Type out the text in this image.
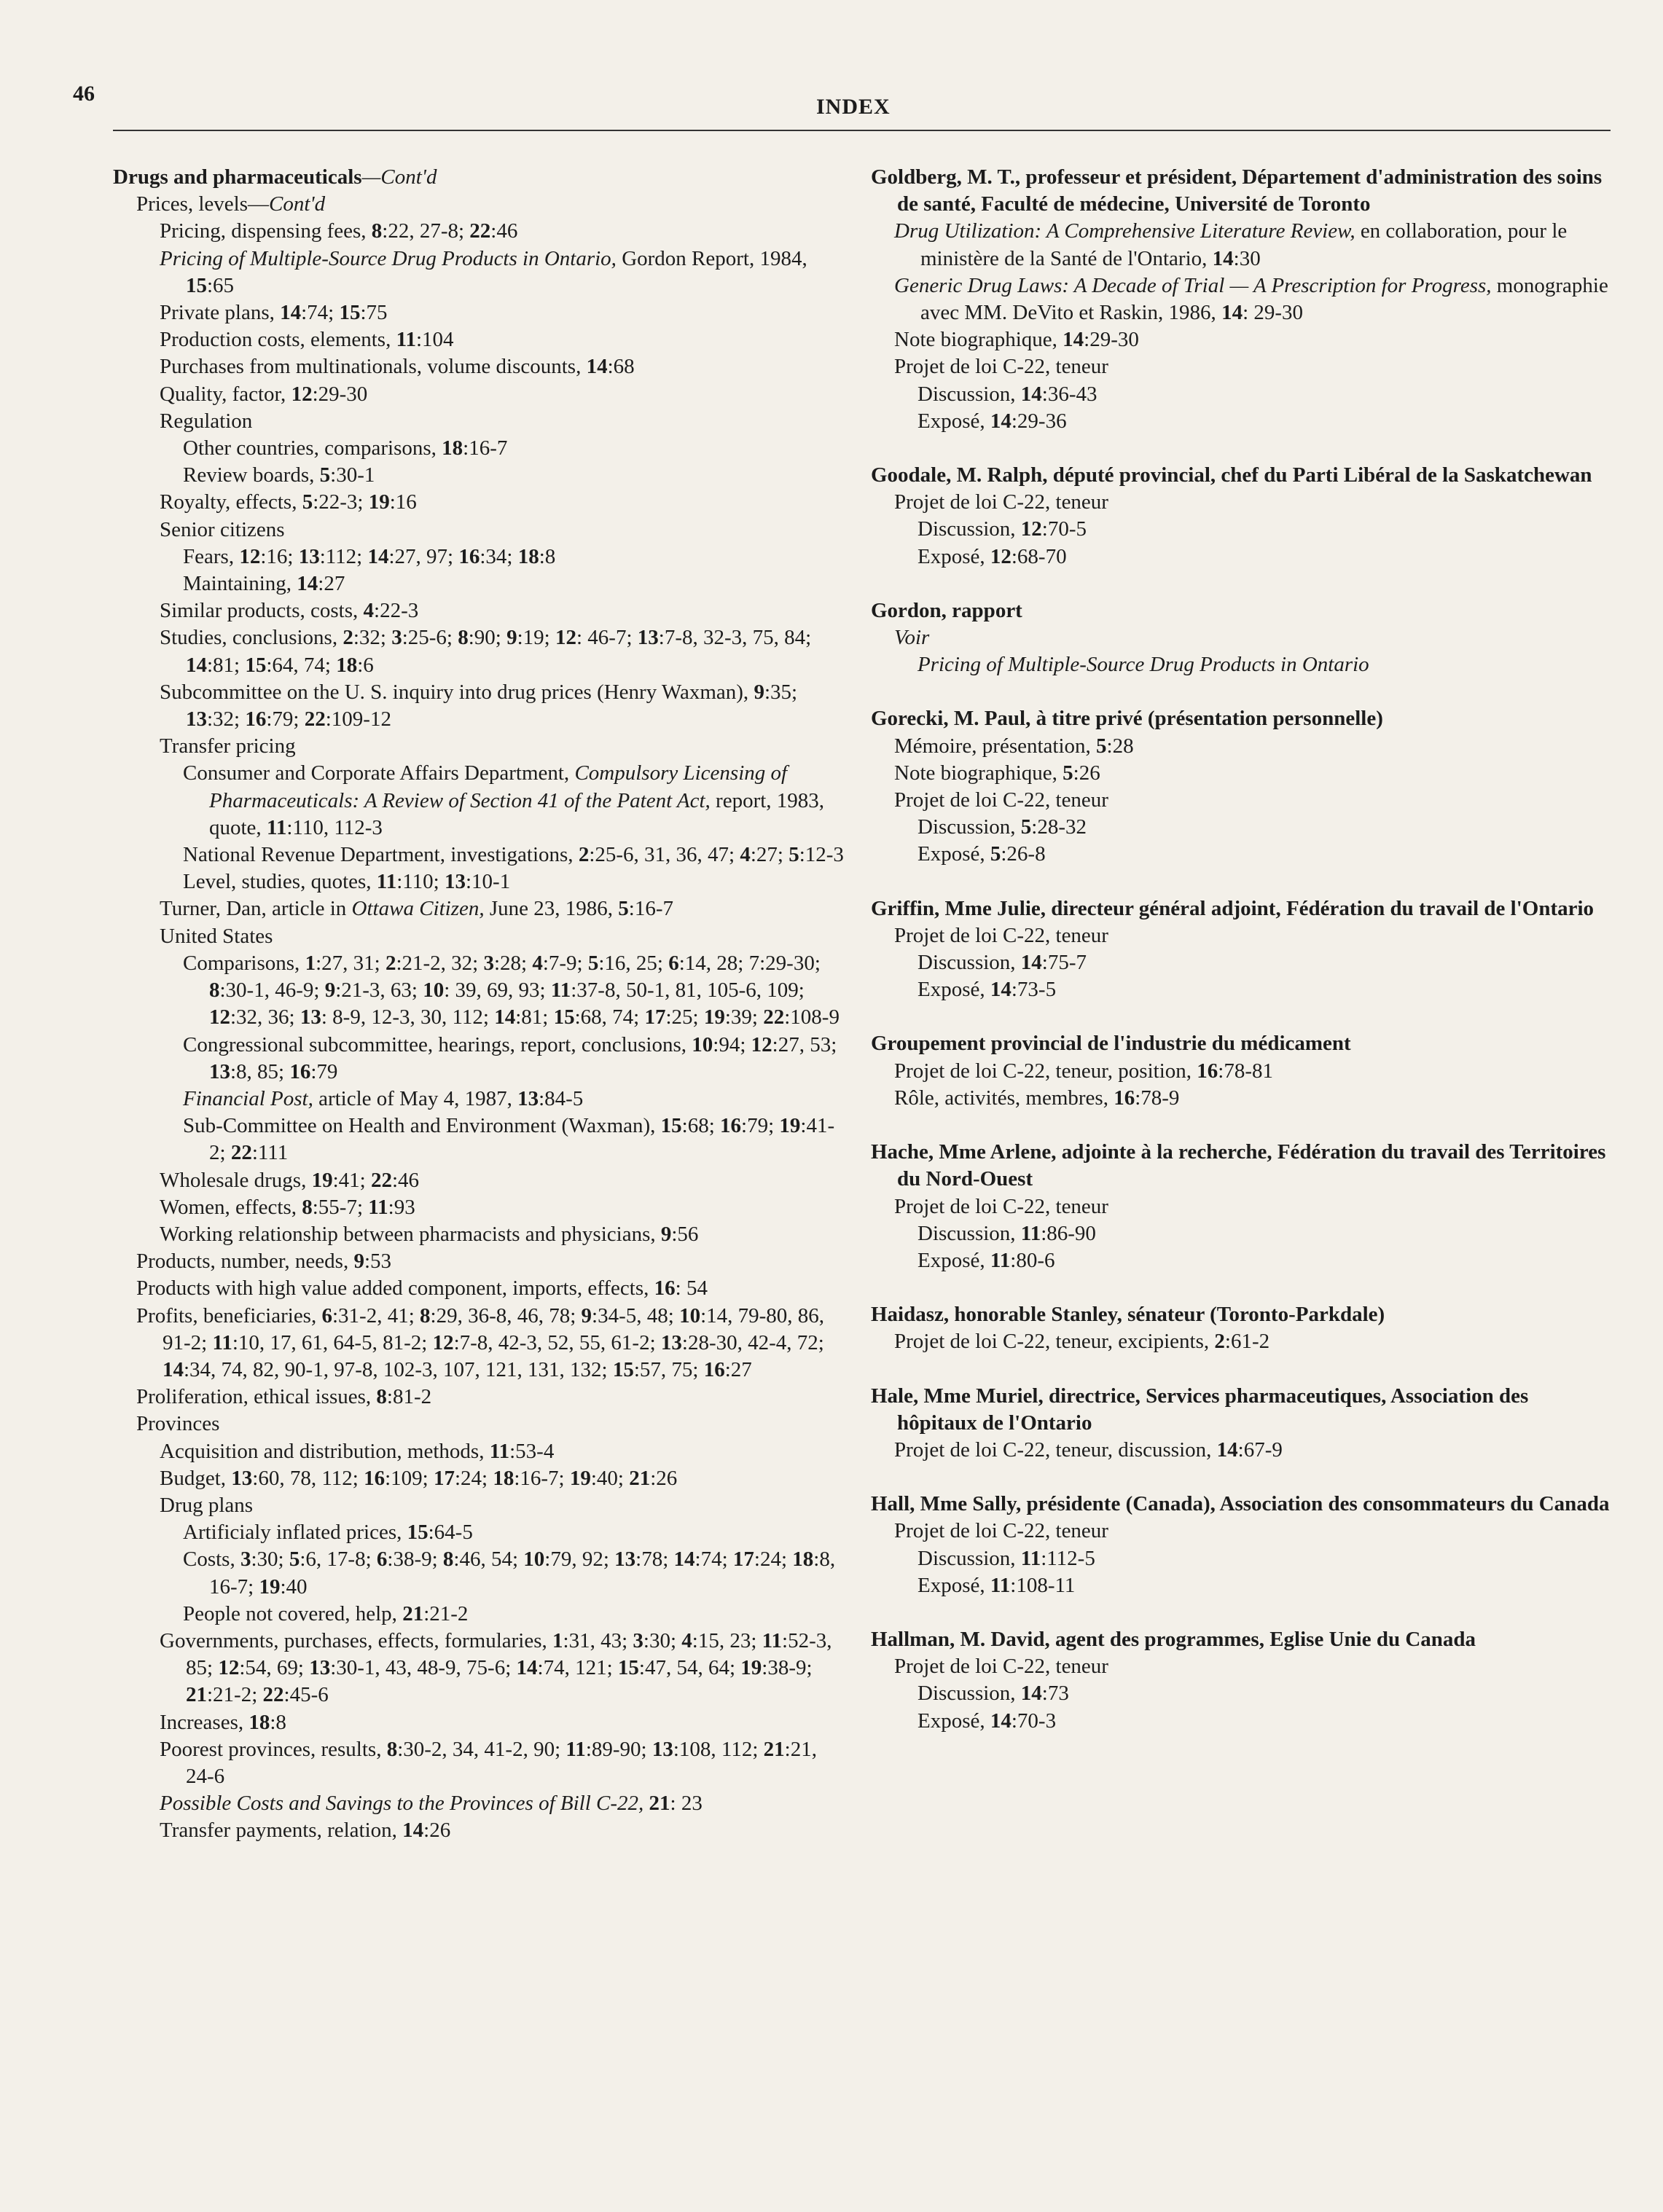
46
INDEX
Drugs and pharmaceuticals—Cont'd
Prices, levels—Cont'd
Pricing, dispensing fees, 8:22, 27-8; 22:46
Pricing of Multiple-Source Drug Products in Ontario, Gordon Report, 1984, 15:65
Private plans, 14:74; 15:75
Production costs, elements, 11:104
Purchases from multinationals, volume discounts, 14:68
Quality, factor, 12:29-30
Regulation
Other countries, comparisons, 18:16-7
Review boards, 5:30-1
Royalty, effects, 5:22-3; 19:16
Senior citizens
Fears, 12:16; 13:112; 14:27, 97; 16:34; 18:8
Maintaining, 14:27
Similar products, costs, 4:22-3
Studies, conclusions, 2:32; 3:25-6; 8:90; 9:19; 12: 46-7; 13:7-8, 32-3, 75, 84; 14:81; 15:64, 74; 18:6
Subcommittee on the U. S. inquiry into drug prices (Henry Waxman), 9:35; 13:32; 16:79; 22:109-12
Transfer pricing
Consumer and Corporate Affairs Department, Compulsory Licensing of Pharmaceuticals: A Review of Section 41 of the Patent Act, report, 1983, quote, 11:110, 112-3
National Revenue Department, investigations, 2:25-6, 31, 36, 47; 4:27; 5:12-3
Level, studies, quotes, 11:110; 13:10-1
Turner, Dan, article in Ottawa Citizen, June 23, 1986, 5:16-7
United States
Comparisons, 1:27, 31; 2:21-2, 32; 3:28; 4:7-9; 5:16, 25; 6:14, 28; 7:29-30; 8:30-1, 46-9; 9:21-3, 63; 10: 39, 69, 93; 11:37-8, 50-1, 81, 105-6, 109; 12:32, 36; 13: 8-9, 12-3, 30, 112; 14:81; 15:68, 74; 17:25; 19:39; 22:108-9
Congressional subcommittee, hearings, report, conclusions, 10:94; 12:27, 53; 13:8, 85; 16:79
Financial Post, article of May 4, 1987, 13:84-5
Sub-Committee on Health and Environment (Waxman), 15:68; 16:79; 19:41-2; 22:111
Wholesale drugs, 19:41; 22:46
Women, effects, 8:55-7; 11:93
Working relationship between pharmacists and physicians, 9:56
Products, number, needs, 9:53
Products with high value added component, imports, effects, 16: 54
Profits, beneficiaries, 6:31-2, 41; 8:29, 36-8, 46, 78; 9:34-5, 48; 10:14, 79-80, 86, 91-2; 11:10, 17, 61, 64-5, 81-2; 12:7-8, 42-3, 52, 55, 61-2; 13:28-30, 42-4, 72; 14:34, 74, 82, 90-1, 97-8, 102-3, 107, 121, 131, 132; 15:57, 75; 16:27
Proliferation, ethical issues, 8:81-2
Provinces
Acquisition and distribution, methods, 11:53-4
Budget, 13:60, 78, 112; 16:109; 17:24; 18:16-7; 19:40; 21:26
Drug plans
Artificialy inflated prices, 15:64-5
Costs, 3:30; 5:6, 17-8; 6:38-9; 8:46, 54; 10:79, 92; 13:78; 14:74; 17:24; 18:8, 16-7; 19:40
People not covered, help, 21:21-2
Governments, purchases, effects, formularies, 1:31, 43; 3:30; 4:15, 23; 11:52-3, 85; 12:54, 69; 13:30-1, 43, 48-9, 75-6; 14:74, 121; 15:47, 54, 64; 19:38-9; 21:21-2; 22:45-6
Increases, 18:8
Poorest provinces, results, 8:30-2, 34, 41-2, 90; 11:89-90; 13:108, 112; 21:21, 24-6
Possible Costs and Savings to the Provinces of Bill C-22, 21: 23
Transfer payments, relation, 14:26
Goldberg, M. T., professeur et président, Département d'administration des soins de santé, Faculté de médecine, Université de Toronto
Drug Utilization: A Comprehensive Literature Review, en collaboration, pour le ministère de la Santé de l'Ontario, 14:30
Generic Drug Laws: A Decade of Trial — A Prescription for Progress, monographie avec MM. DeVito et Raskin, 1986, 14: 29-30
Note biographique, 14:29-30
Projet de loi C-22, teneur
Discussion, 14:36-43
Exposé, 14:29-36
Goodale, M. Ralph, député provincial, chef du Parti Libéral de la Saskatchewan
Projet de loi C-22, teneur
Discussion, 12:70-5
Exposé, 12:68-70
Gordon, rapport
Voir
Pricing of Multiple-Source Drug Products in Ontario
Gorecki, M. Paul, à titre privé (présentation personnelle)
Mémoire, présentation, 5:28
Note biographique, 5:26
Projet de loi C-22, teneur
Discussion, 5:28-32
Exposé, 5:26-8
Griffin, Mme Julie, directeur général adjoint, Fédération du travail de l'Ontario
Projet de loi C-22, teneur
Discussion, 14:75-7
Exposé, 14:73-5
Groupement provincial de l'industrie du médicament
Projet de loi C-22, teneur, position, 16:78-81
Rôle, activités, membres, 16:78-9
Hache, Mme Arlene, adjointe à la recherche, Fédération du travail des Territoires du Nord-Ouest
Projet de loi C-22, teneur
Discussion, 11:86-90
Exposé, 11:80-6
Haidasz, honorable Stanley, sénateur (Toronto-Parkdale)
Projet de loi C-22, teneur, excipients, 2:61-2
Hale, Mme Muriel, directrice, Services pharmaceutiques, Association des hôpitaux de l'Ontario
Projet de loi C-22, teneur, discussion, 14:67-9
Hall, Mme Sally, présidente (Canada), Association des consommateurs du Canada
Projet de loi C-22, teneur
Discussion, 11:112-5
Exposé, 11:108-11
Hallman, M. David, agent des programmes, Eglise Unie du Canada
Projet de loi C-22, teneur
Discussion, 14:73
Exposé, 14:70-3
